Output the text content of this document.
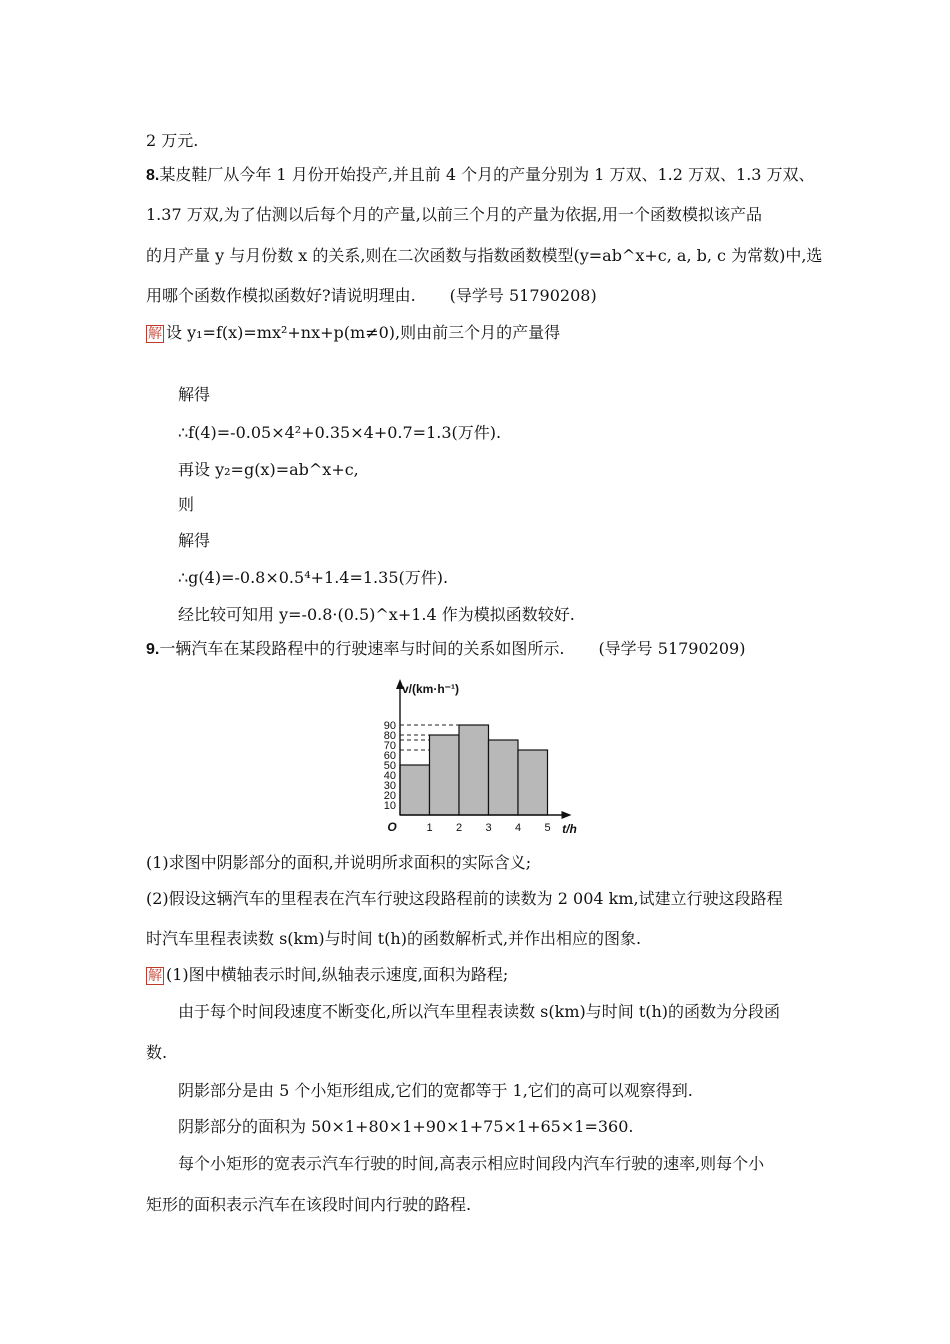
2 万元.
8.某皮鞋厂从今年 1 月份开始投产,并且前 4 个月的产量分别为 1 万双、1.2 万双、1.3 万双、
1.37 万双,为了估测以后每个月的产量,以前三个月的产量为依据,用一个函数模拟该产品
的月产量 y 与月份数 x 的关系,则在二次函数与指数函数模型(y=ab^x+c, a, b, c 为常数)中,选
用哪个函数作模拟函数好?请说明理由. (导学号 51790208)
解 设 y₁=f(x)=mx²+nx+p(m≠0),则由前三个月的产量得
解得
∴f(4)=-0.05×4²+0.35×4+0.7=1.3(万件).
再设 y₂=g(x)=ab^x+c,
则
解得
∴g(4)=-0.8×0.5⁴+1.4=1.35(万件).
经比较可知用 y=-0.8·(0.5)^x+1.4 作为模拟函数较好.
9.一辆汽车在某段路程中的行驶速率与时间的关系如图所示. (导学号 51790209)
10
20
30
40
50
60
70
80
90
1 2 3 4 5
O	t/h
v/(km·h⁻¹)
(1)求图中阴影部分的面积,并说明所求面积的实际含义;
(2)假设这辆汽车的里程表在汽车行驶这段路程前的读数为 2 004 km,试建立行驶这段路程
时汽车里程表读数 s(km)与时间 t(h)的函数解析式,并作出相应的图象.
解 (1)图中横轴表示时间,纵轴表示速度,面积为路程;
由于每个时间段速度不断变化,所以汽车里程表读数 s(km)与时间 t(h)的函数为分段函
数.
阴影部分是由 5 个小矩形组成,它们的宽都等于 1,它们的高可以观察得到.
阴影部分的面积为 50×1+80×1+90×1+75×1+65×1=360.
每个小矩形的宽表示汽车行驶的时间,高表示相应时间段内汽车行驶的速率,则每个小
矩形的面积表示汽车在该段时间内行驶的路程.
